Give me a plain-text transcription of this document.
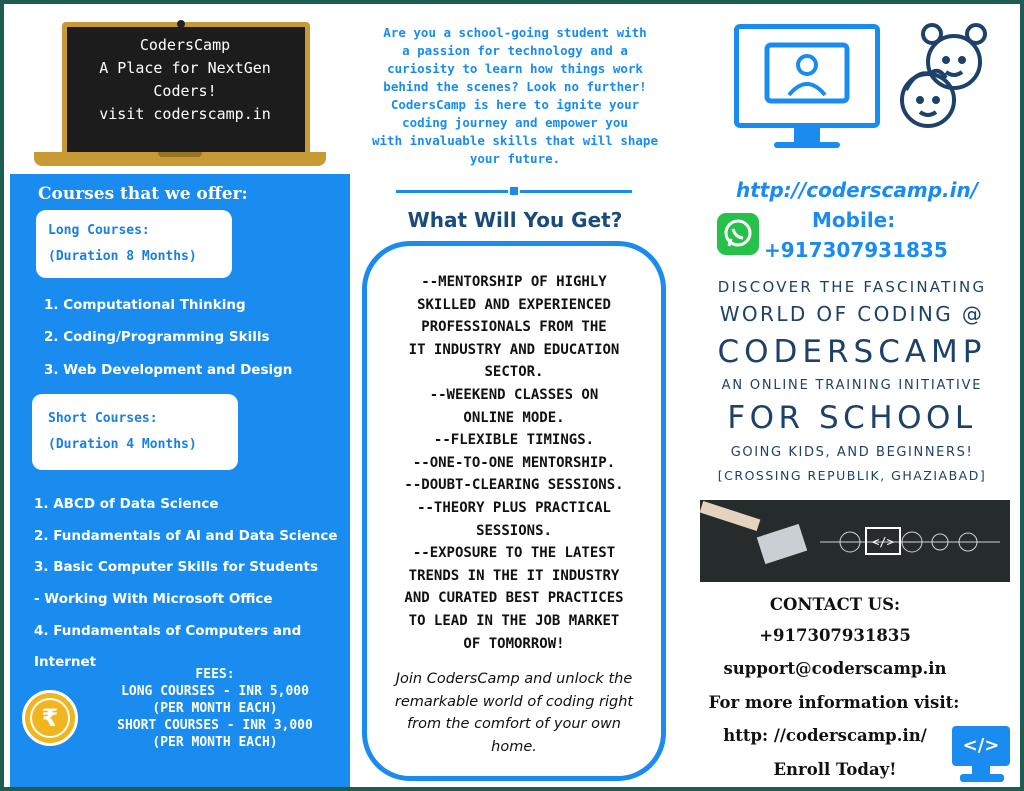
CodersCamp
A Place for NextGen
Coders!
visit coderscamp.in
Courses that we offer:
Long Courses:
(Duration 8 Months)
1. Computational Thinking
2. Coding/Programming Skills
3. Web Development and Design
Short Courses:
(Duration 4 Months)
1. ABCD of Data Science
2. Fundamentals of AI and Data Science
3. Basic Computer Skills for Students
- Working With Microsoft Office
4. Fundamentals of Computers and
Internet
₹
FEES:
LONG COURSES - INR 5,000
(PER MONTH EACH)
SHORT COURSES - INR 3,000
(PER MONTH EACH)
Are you a school-going student with
a passion for technology and a
curiosity to learn how things work
behind the scenes? Look no further!
CodersCamp is here to ignite your
coding journey and empower you
with invaluable skills that will shape
your future.
What Will You Get?
--MENTORSHIP OF HIGHLY
SKILLED AND EXPERIENCED
PROFESSIONALS FROM THE
IT INDUSTRY AND EDUCATION
SECTOR.
--WEEKEND CLASSES ON
ONLINE MODE.
--FLEXIBLE TIMINGS.
--ONE-TO-ONE MENTORSHIP.
--DOUBT-CLEARING SESSIONS.
--THEORY PLUS PRACTICAL
SESSIONS.
--EXPOSURE TO THE LATEST
TRENDS IN THE IT INDUSTRY
AND CURATED BEST PRACTICES
TO LEAD IN THE JOB MARKET
OF TOMORROW!
Join CodersCamp and unlock the
remarkable world of coding right
from the comfort of your own
home.
http://coderscamp.in/
Mobile:
+917307931835
DISCOVER THE FASCINATING
WORLD OF CODING @
CODERSCAMP
AN ONLINE TRAINING INITIATIVE
FOR SCHOOL
GOING KIDS, AND BEGINNERS!
[CROSSING REPUBLIK, GHAZIABAD]
</>
CONTACT US:
+917307931835
support@coderscamp.in
For more information visit:
http: //coderscamp.in/
Enroll Today!
</>
